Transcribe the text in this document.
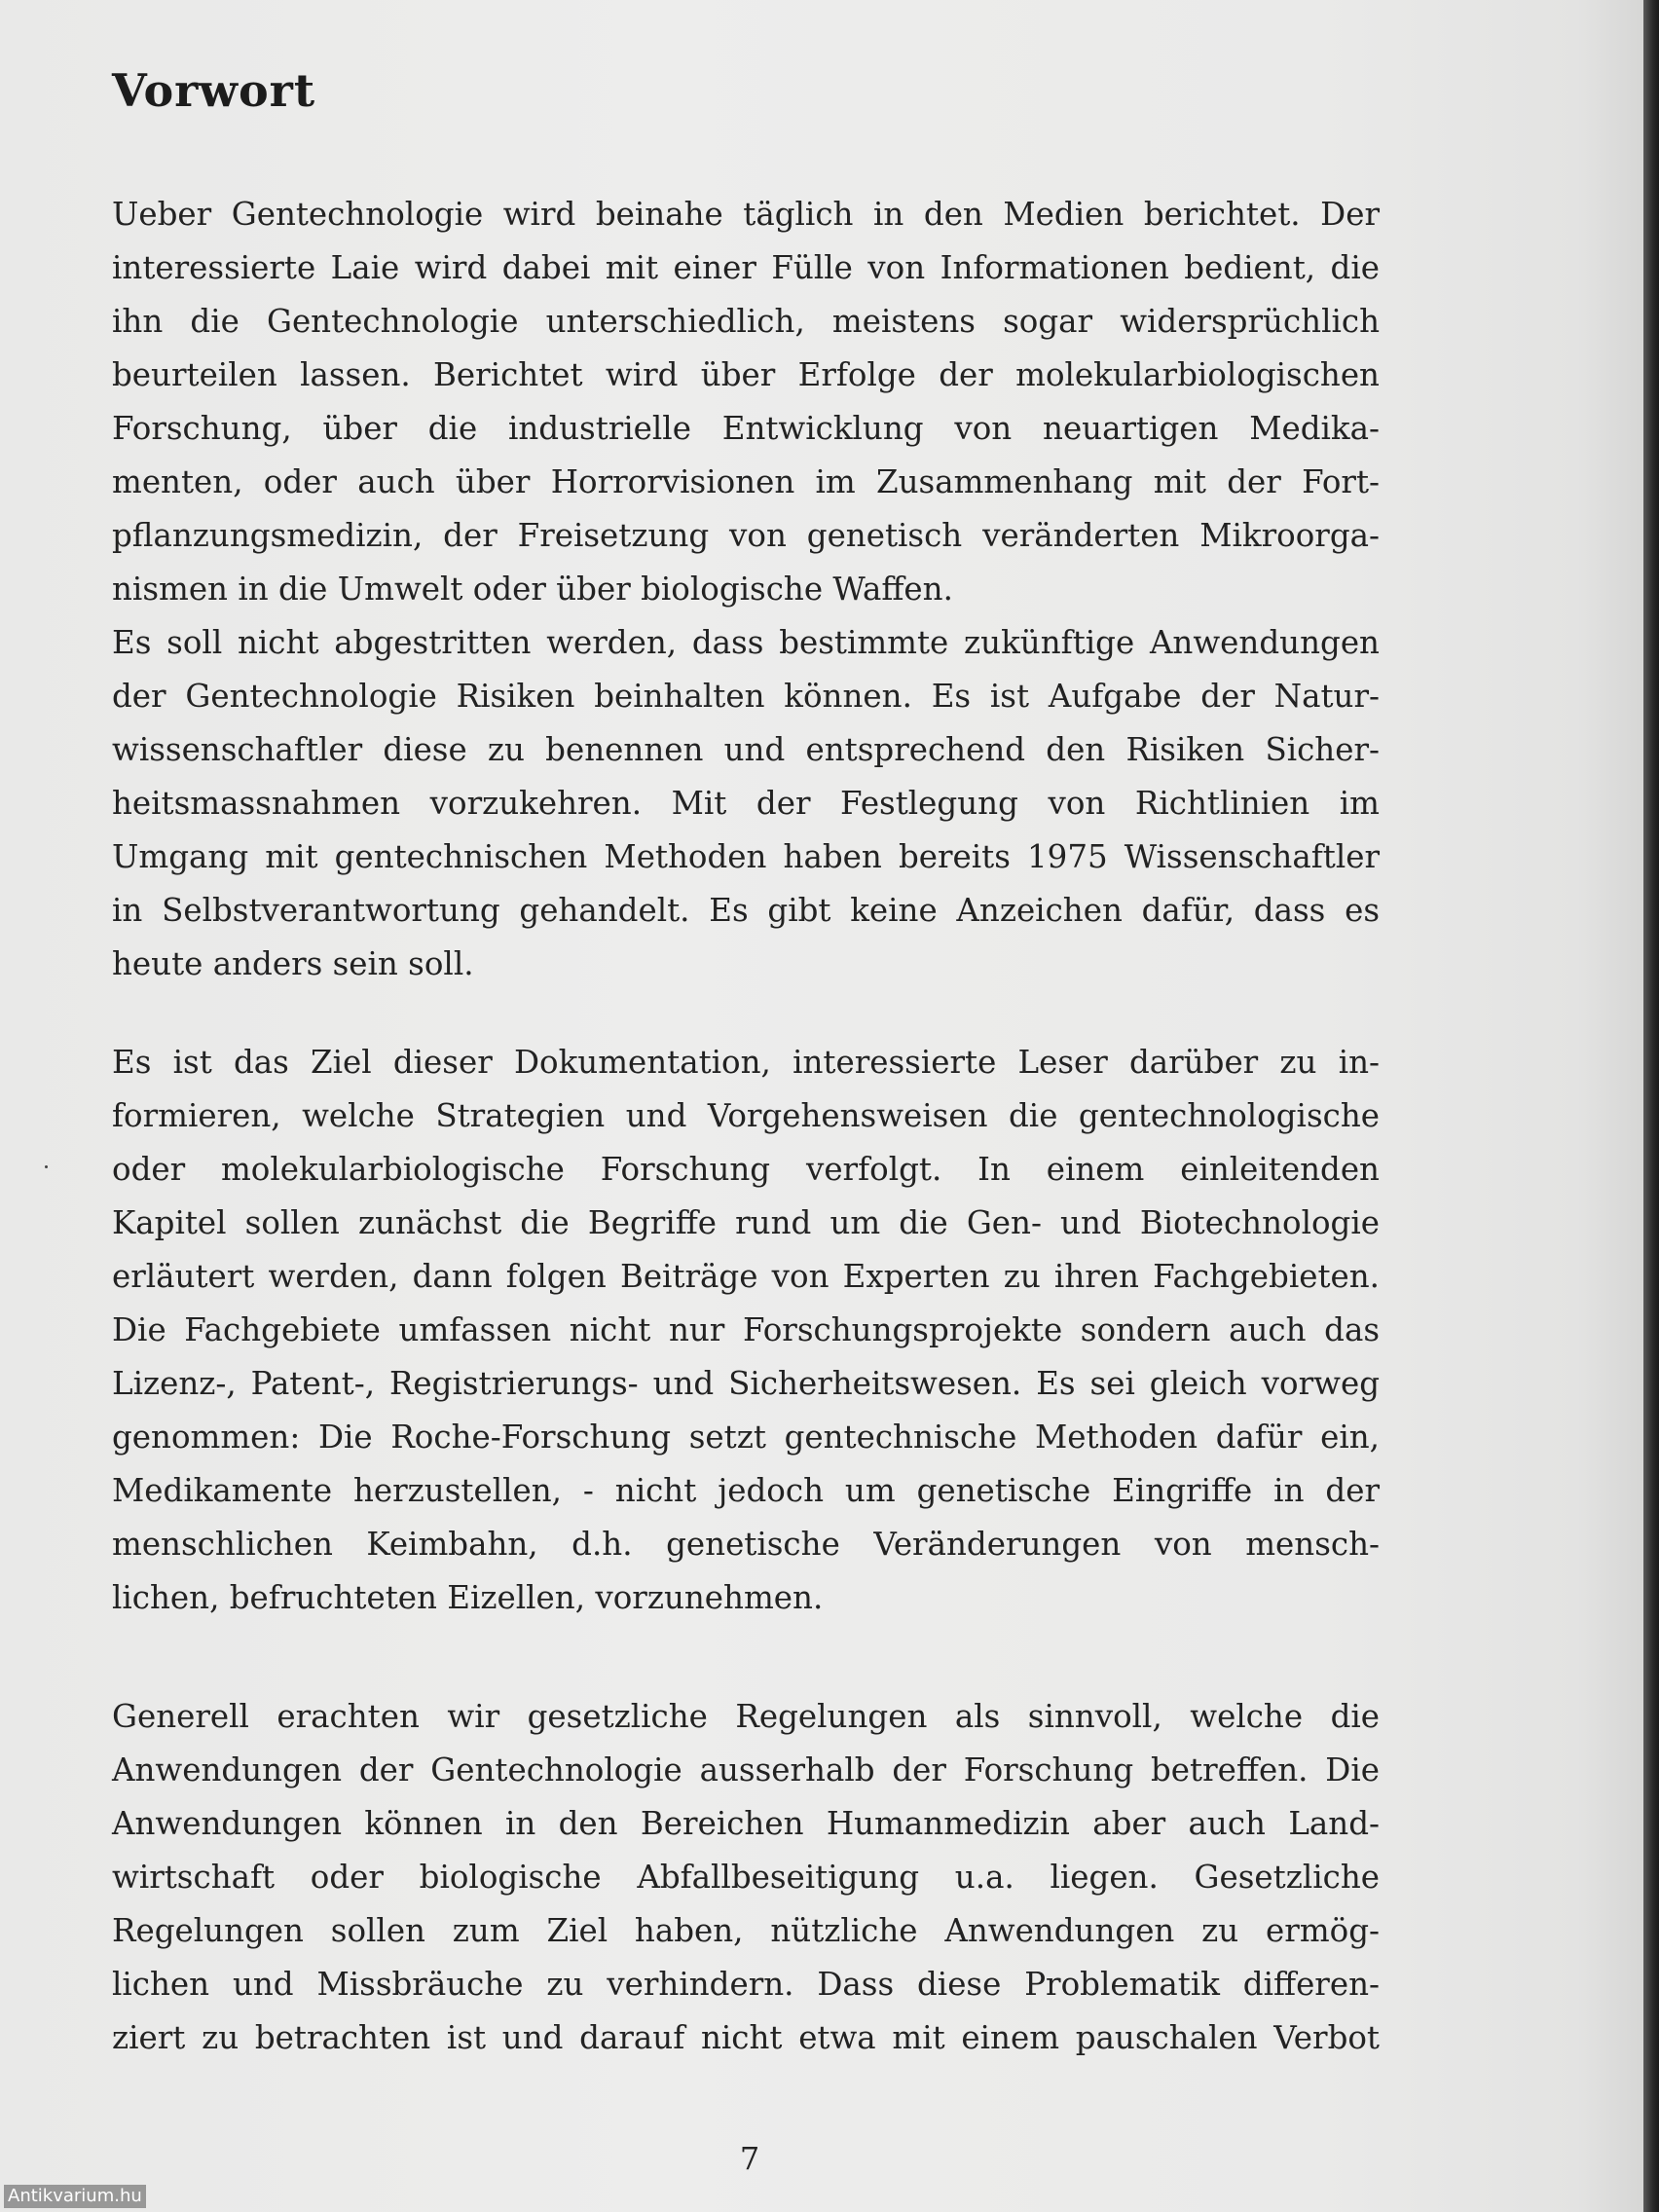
Vorwort
Ueber Gentechnologie wird beinahe täglich in den Medien berichtet. Der
interessierte Laie wird dabei mit einer Fülle von Informationen bedient, die
ihn die Gentechnologie unterschiedlich, meistens sogar widersprüchlich
beurteilen lassen. Berichtet wird über Erfolge der molekularbiologischen
Forschung, über die industrielle Entwicklung von neuartigen Medika-
menten, oder auch über Horrorvisionen im Zusammenhang mit der Fort-
pflanzungsmedizin, der Freisetzung von genetisch veränderten Mikroorga-
nismen in die Umwelt oder über biologische Waffen.
Es soll nicht abgestritten werden, dass bestimmte zukünftige Anwendungen
der Gentechnologie Risiken beinhalten können. Es ist Aufgabe der Natur-
wissenschaftler diese zu benennen und entsprechend den Risiken Sicher-
heitsmassnahmen vorzukehren. Mit der Festlegung von Richtlinien im
Umgang mit gentechnischen Methoden haben bereits 1975 Wissenschaftler
in Selbstverantwortung gehandelt. Es gibt keine Anzeichen dafür, dass es
heute anders sein soll.
Es ist das Ziel dieser Dokumentation, interessierte Leser darüber zu in-
formieren, welche Strategien und Vorgehensweisen die gentechnologische
oder molekularbiologische Forschung verfolgt. In einem einleitenden
Kapitel sollen zunächst die Begriffe rund um die Gen- und Biotechnologie
erläutert werden, dann folgen Beiträge von Experten zu ihren Fachgebieten.
Die Fachgebiete umfassen nicht nur Forschungsprojekte sondern auch das
Lizenz-, Patent-, Registrierungs- und Sicherheitswesen. Es sei gleich vorweg
genommen: Die Roche-Forschung setzt gentechnische Methoden dafür ein,
Medikamente herzustellen, - nicht jedoch um genetische Eingriffe in der
menschlichen Keimbahn, d.h. genetische Veränderungen von mensch-
lichen, befruchteten Eizellen, vorzunehmen.
Generell erachten wir gesetzliche Regelungen als sinnvoll, welche die
Anwendungen der Gentechnologie ausserhalb der Forschung betreffen. Die
Anwendungen können in den Bereichen Humanmedizin aber auch Land-
wirtschaft oder biologische Abfallbeseitigung u.a. liegen. Gesetzliche
Regelungen sollen zum Ziel haben, nützliche Anwendungen zu ermög-
lichen und Missbräuche zu verhindern. Dass diese Problematik differen-
ziert zu betrachten ist und darauf nicht etwa mit einem pauschalen Verbot
7
Antikvarium.hu
